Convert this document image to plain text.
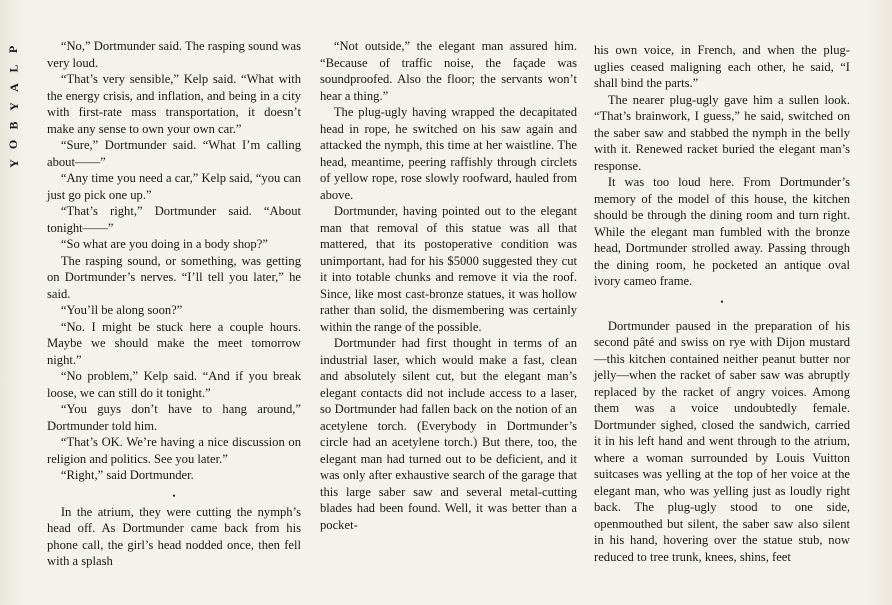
P
L
A
Y
B
O
Y

“No,” Dortmunder said. The rasping sound was very loud.

“That’s very sensible,” Kelp said. “What with the energy crisis, and inflation, and being in a city with first-rate mass transportation, it doesn’t make any sense to own your own car.”

“Sure,” Dortmunder said. “What I’m calling about——”

“Any time you need a car,” Kelp said, “you can just go pick one up.”

“That’s right,” Dortmunder said. “About tonight——”

“So what are you doing in a body shop?”

The rasping sound, or something, was getting on Dortmunder’s nerves. “I’ll tell you later,” he said.

“You’ll be along soon?”

“No. I might be stuck here a couple hours. Maybe we should make the meet tomorrow night.”

“No problem,” Kelp said. “And if you break loose, we can still do it tonight.”

“You guys don’t have to hang around,” Dortmunder told him.

“That’s OK. We’re having a nice discussion on religion and politics. See you later.”

“Right,” said Dortmunder.

•

In the atrium, they were cutting the nymph’s head off. As Dortmunder came back from his phone call, the girl’s head nodded once, then fell with a splash

“Not outside,” the elegant man assured him. “Because of traffic noise, the façade was soundproofed. Also the floor; the servants won’t hear a thing.”

The plug-ugly having wrapped the decapitated head in rope, he switched on his saw again and attacked the nymph, this time at her waistline. The head, meantime, peering raffishly through circlets of yellow rope, rose slowly roofward, hauled from above.

Dortmunder, having pointed out to the elegant man that removal of this statue was all that mattered, that its postoperative condition was unimportant, had for his $5000 suggested they cut it into totable chunks and remove it via the roof. Since, like most cast-bronze statues, it was hollow rather than solid, the dismembering was certainly within the range of the possible.

Dortmunder had first thought in terms of an industrial laser, which would make a fast, clean and absolutely silent cut, but the elegant man’s elegant contacts did not include access to a laser, so Dortmunder had fallen back on the notion of an acetylene torch. (Everybody in Dortmunder’s circle had an acetylene torch.) But there, too, the elegant man had turned out to be deficient, and it was only after exhaustive search of the garage that this large saber saw and several metal-cutting blades had been found. Well, it was better than a pocket-

his own voice, in French, and when the plug-uglies ceased maligning each other, he said, “I shall bind the parts.”

The nearer plug-ugly gave him a sullen look. “That’s brainwork, I guess,” he said, switched on the saber saw and stabbed the nymph in the belly with it. Renewed racket buried the elegant man’s response.

It was too loud here. From Dortmunder’s memory of the model of this house, the kitchen should be through the dining room and turn right. While the elegant man fumbled with the bronze head, Dortmunder strolled away. Passing through the dining room, he pocketed an antique oval ivory cameo frame.

•

Dortmunder paused in the preparation of his second pâté and swiss on rye with Dijon mustard—this kitchen contained neither peanut butter nor jelly—when the racket of saber saw was abruptly replaced by the racket of angry voices. Among them was a voice undoubtedly female. Dortmunder sighed, closed the sandwich, carried it in his left hand and went through to the atrium, where a woman surrounded by Louis Vuitton suitcases was yelling at the top of her voice at the elegant man, who was yelling just as loudly right back. The plug-ugly stood to one side, openmouthed but silent, the saber saw also silent in his hand, hovering over the statue stub, now reduced to tree trunk, knees, shins, feet
